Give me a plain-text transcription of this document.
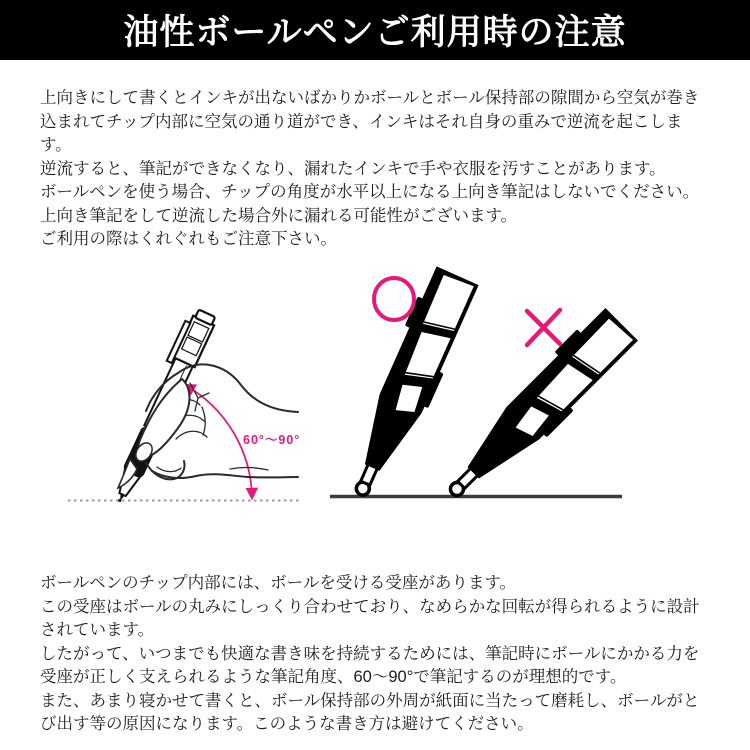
油性ボールペンご利用時の注意
上向きにして書くとインキが出ないばかりかボールとボール保持部の隙間から空気が巻き
込まれてチップ内部に空気の通り道ができ、インキはそれ自身の重みで逆流を起こしま
す。
逆流すると、筆記ができなくなり、漏れたインキで手や衣服を汚すことがあります。
ボールペンを使う場合、チップの角度が水平以上になる上向き筆記はしないでください。
上向き筆記をして逆流した場合外に漏れる可能性がございます。
ご利用の際はくれぐれもご注意下さい。
60°〜90°
ボールペンのチップ内部には、ボールを受ける受座があります。
この受座はボールの丸みにしっくり合わせており、なめらかな回転が得られるように設計
されています。
したがって、いつまでも快適な書き味を持続するためには、筆記時にボールにかかる力を
受座が正しく支えられるような筆記角度、60〜90°で筆記するのが理想的です。
また、あまり寝かせて書くと、ボール保持部の外周が紙面に当たって磨耗し、ボールがと
び出す等の原因になります。このような書き方は避けてください。
